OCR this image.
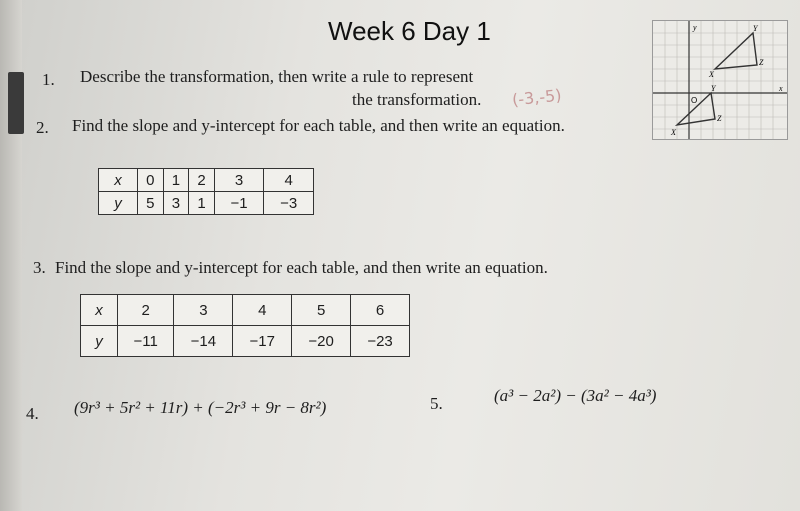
Week 6 Day 1
1. Describe the transformation, then write a rule to represent
the transformation. (-3,-5)
2. Find the slope and y-intercept for each table, and then write an equation.
x	0	1	2	3	4
y	5	3	1	−1	−3
3. Find the slope and y-intercept for each table, and then write an equation.
x	2	3	4	5	6
y	−11	−14	−17	−20	−23
4. (9r³ + 5r² + 11r) + (−2r³ + 9r − 8r²)	5.	(a³ − 2a²) − (3a² − 4a³)
O
y
x
Z
Y
X
Z
Y
X
